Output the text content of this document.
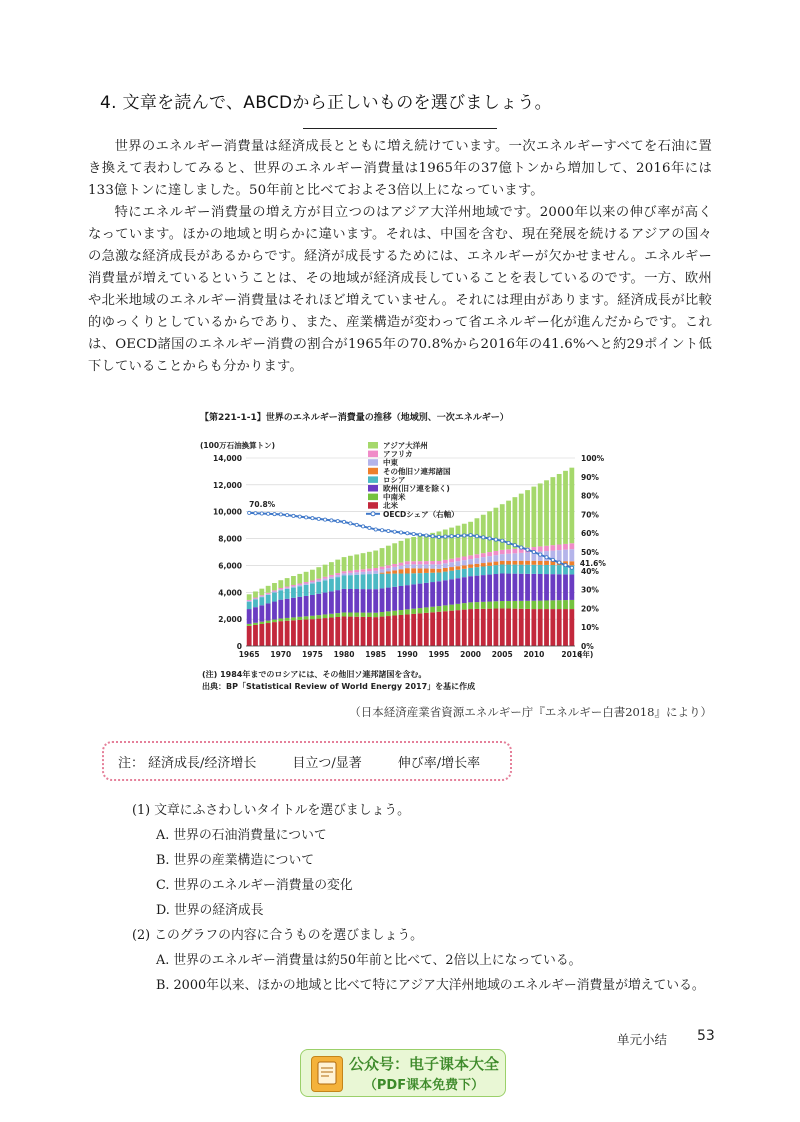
4. 文章を読んで、ABCDから正しいものを選びましょう。

世界のエネルギー消費量は経済成長とともに増え続けています。一次エネルギーすべてを石油に置き換えて表わしてみると、世界のエネルギー消費量は1965年の37億トンから増加して、2016年には133億トンに達しました。50年前と比べておよそ3倍以上になっています。

特にエネルギー消費量の増え方が目立つのはアジア大洋州地域です。2000年以来の伸び率が高くなっています。ほかの地域と明らかに違います。それは、中国を含む、現在発展を続けるアジアの国々の急激な経済成長があるからです。経済が成長するためには、エネルギーが欠かせません。エネルギー消費量が増えているということは、その地域が経済成長していることを表しているのです。一方、欧州や北米地域のエネルギー消費量はそれほど増えていません。それには理由があります。経済成長が比較的ゆっくりとしているからであり、また、産業構造が変わって省エネルギー化が進んだからです。これは、OECD諸国のエネルギー消費の割合が1965年の70.8%から2016年の41.6%へと約29ポイント低下していることからも分かります。

【第221-1-1】世界のエネルギー消費量の推移（地域別、一次エネルギー）
0
2,000
4,000
6,000
8,000
10,000
12,000
14,000
0%
10%
20%
30%
40%
50%
60%
70%
80%
90%
100%
1965 1970 1975 1980 1985 1990 1995 2000 2005 2010 2016
(年)
(100万石油換算トン)
70.8%
41.6%
アジア大洋州
アフリカ
中東
その他旧ソ連邦諸国
ロシア
欧州(旧ソ連を除く)
中南米
北米
OECDシェア（右軸）
(注) 1984年までのロシアには、その他旧ソ連邦諸国を含む。
出典：BP「Statistical Review of World Energy 2017」を基に作成
（日本経済産業省資源エネルギー庁『エネルギー白書2018』により）
注： 経済成長/经济增长	目立つ/显著	伸び率/增长率
(1) 文章にふさわしいタイトルを選びましょう。
A. 世界の石油消費量について
B. 世界の産業構造について
C. 世界のエネルギー消費量の変化
D. 世界の経済成長
(2) このグラフの内容に合うものを選びましょう。
A. 世界のエネルギー消費量は約50年前と比べて、2倍以上になっている。
B. 2000年以来、ほかの地域と比べて特にアジア大洋州地域のエネルギー消費量が増えている。
单元小结 53
公众号：电子课本大全
（PDF课本免费下）
